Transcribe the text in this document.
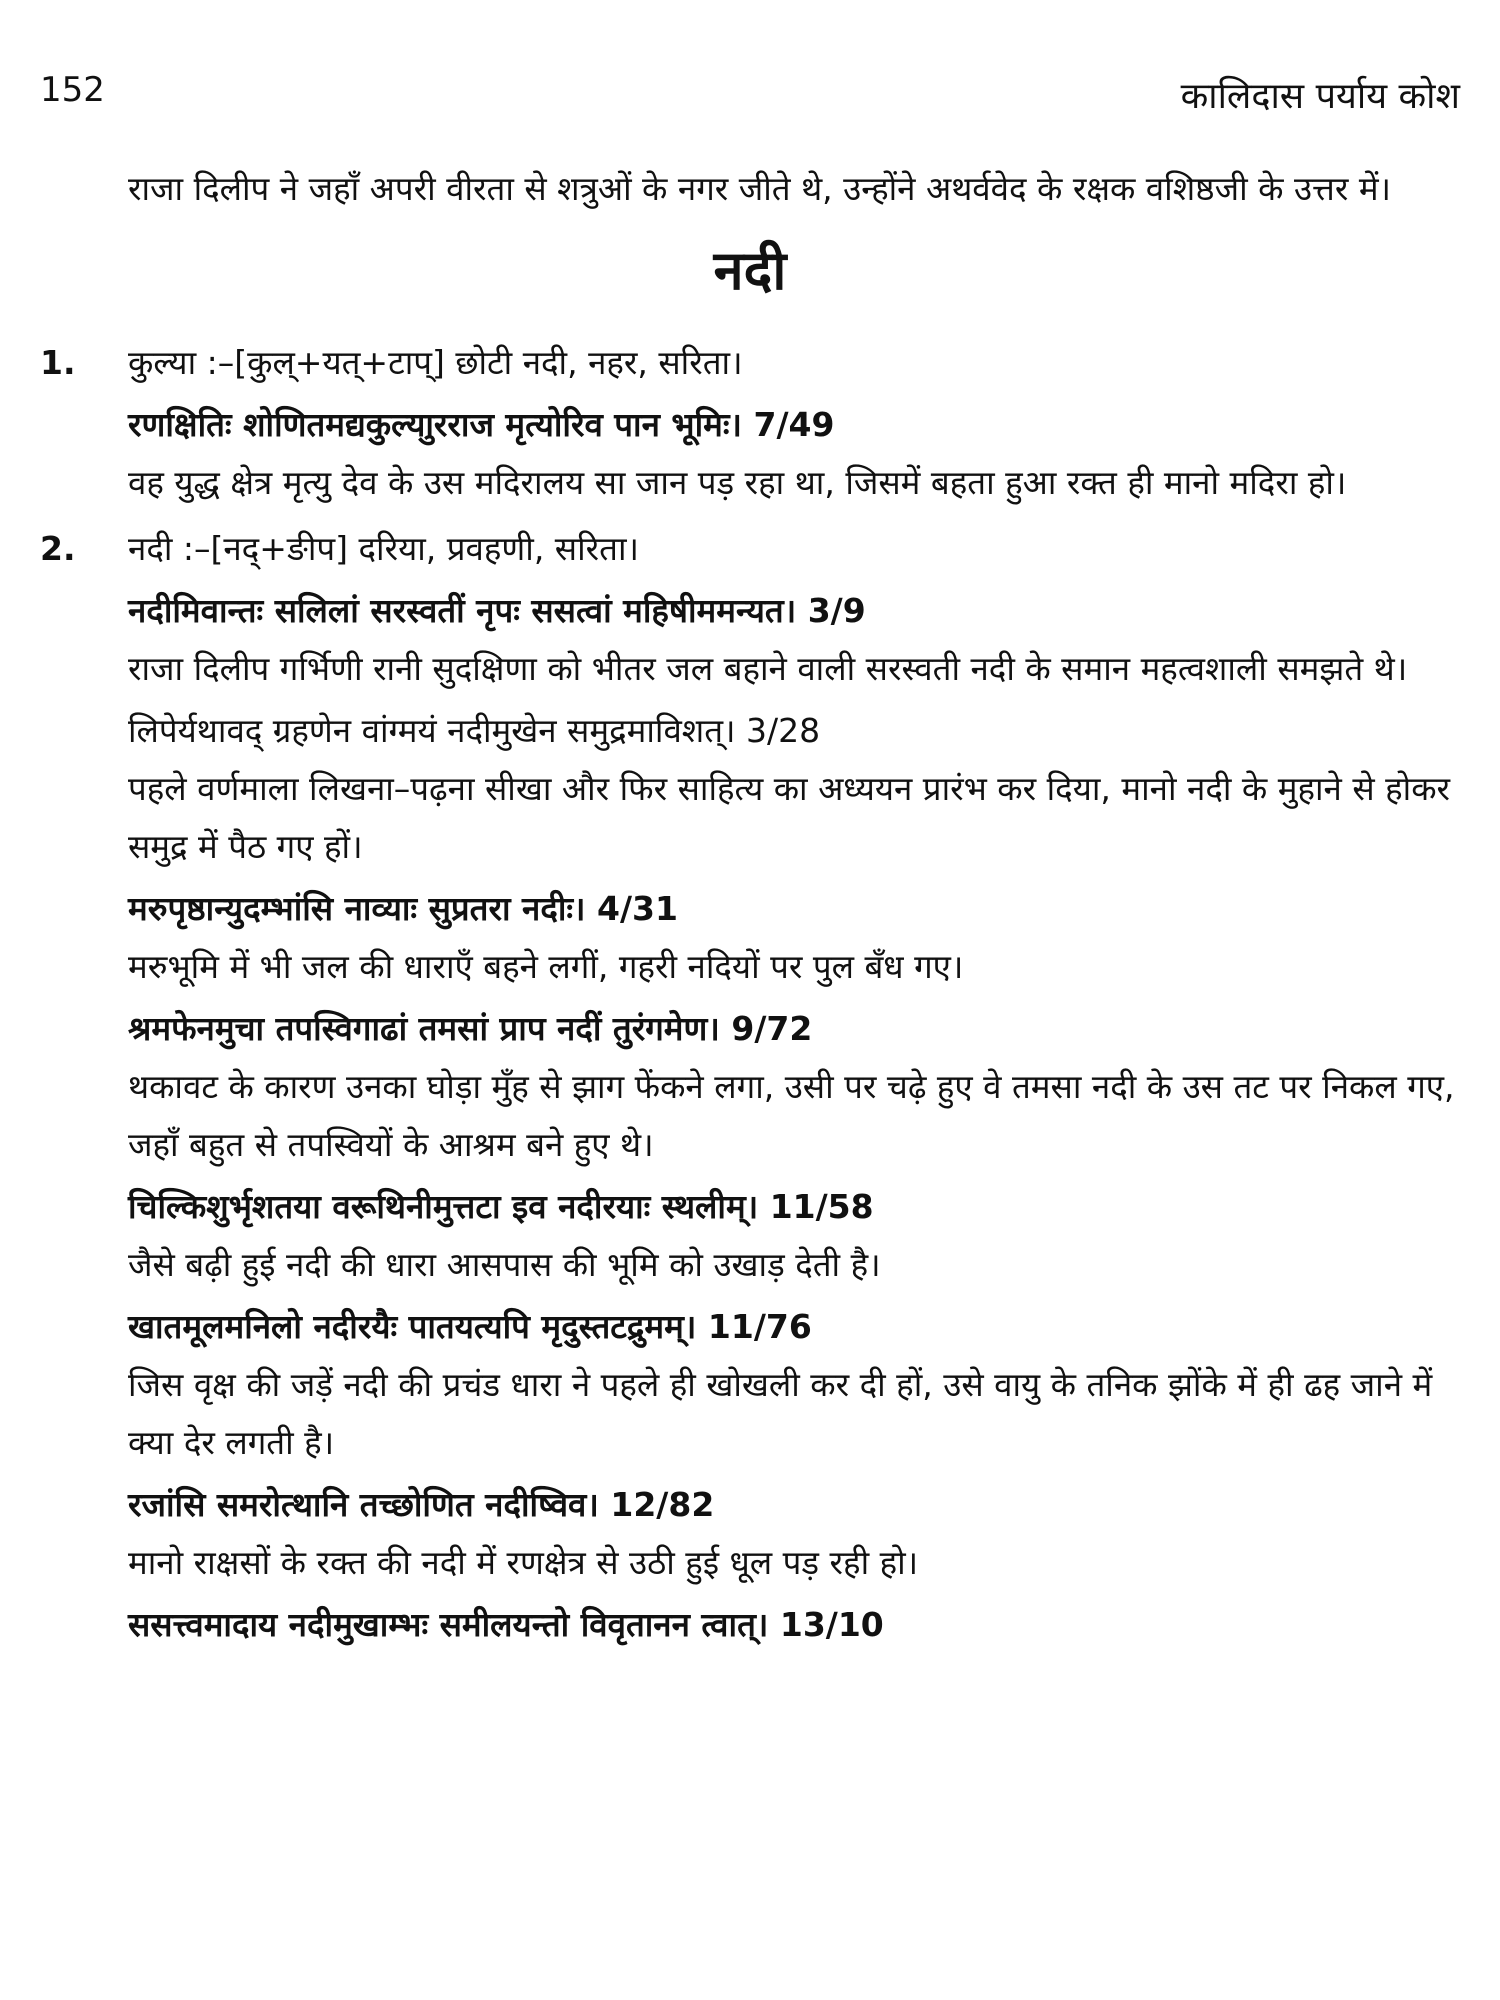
152	कालिदास पर्याय कोश

राजा दिलीप ने जहाँ अपरी वीरता से शत्रुओं के नगर जीते थे, उन्होंने अथर्ववेद के रक्षक वशिष्ठजी के उत्तर में।

नदी
1.	कुल्या :–[कुल्+यत्+टाप्] छोटी नदी, नहर, सरिता।
रणक्षितिः शोणितमद्यकुल्याुरराज मृत्योरिव पान भूमिः। 7/49
वह युद्ध क्षेत्र मृत्यु देव के उस मदिरालय सा जान पड़ रहा था, जिसमें बहता हुआ रक्त ही मानो मदिरा हो।
2.	नदी :–[नद्+ङीप] दरिया, प्रवहणी, सरिता।
नदीमिवान्तः सलिलां सरस्वतीं नृपः ससत्वां महिषीममन्यत। 3/9
राजा दिलीप गर्भिणी रानी सुदक्षिणा को भीतर जल बहाने वाली सरस्वती नदी के समान महत्वशाली समझते थे।
लिपेर्यथावद् ग्रहणेन वांग्मयं नदीमुखेन समुद्रमाविशत्। 3/28
पहले वर्णमाला लिखना–पढ़ना सीखा और फिर साहित्य का अध्ययन प्रारंभ कर दिया, मानो नदी के मुहाने से होकर समुद्र में पैठ गए हों।
मरुपृष्ठान्युदम्भांसि नाव्याः सुप्रतरा नदीः। 4/31
मरुभूमि में भी जल की धाराएँ बहने लगीं, गहरी नदियों पर पुल बँध गए।
श्रमफेनमुचा तपस्विगाढां तमसां प्राप नदीं तुरंगमेण। 9/72
थकावट के कारण उनका घोड़ा मुँह से झाग फेंकने लगा, उसी पर चढ़े हुए वे तमसा नदी के उस तट पर निकल गए, जहाँ बहुत से तपस्वियों के आश्रम बने हुए थे।
चिल्किशुर्भृशतया वरूथिनीमुत्तटा इव नदीरयाः स्थलीम्। 11/58
जैसे बढ़ी हुई नदी की धारा आसपास की भूमि को उखाड़ देती है।
खातमूलमनिलो नदीरयैः पातयत्यपि मृदुस्तटद्रुमम्। 11/76
जिस वृक्ष की जड़ें नदी की प्रचंड धारा ने पहले ही खोखली कर दी हों, उसे वायु के तनिक झोंके में ही ढह जाने में क्या देर लगती है।
रजांसि समरोत्थानि तच्छोणित नदीष्विव। 12/82
मानो राक्षसों के रक्त की नदी में रणक्षेत्र से उठी हुई धूल पड़ रही हो।
ससत्त्वमादाय नदीमुखाम्भः समीलयन्तो विवृतानन त्वात्। 13/10
